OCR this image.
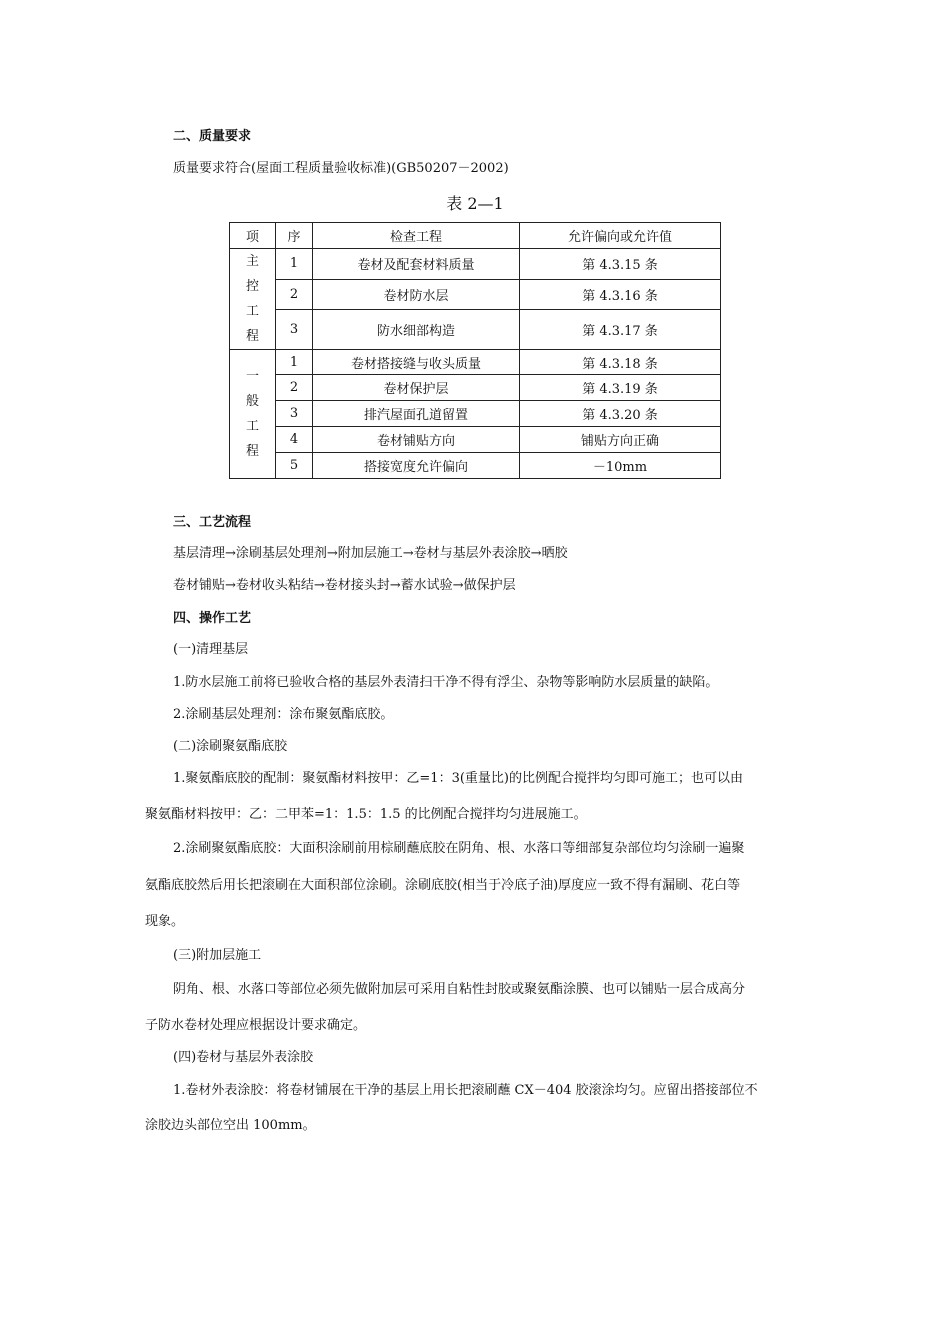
二、质量要求
质量要求符合(屋面工程质量验收标准)(GB50207－2002)
表 2—1
项	序	检查工程	允许偏向或允许值

主
控
工
程	1	卷材及配套材料质量	第 4.3.15 条
	2	卷材防水层	第 4.3.16 条
	3	防水细部构造	第 4.3.17 条

一
般
工
程	1	卷材搭接缝与收头质量	第 4.3.18 条
	2	卷材保护层	第 4.3.19 条
	3	排汽屋面孔道留置	第 4.3.20 条
	4	卷材铺贴方向	铺贴方向正确
	5	搭接宽度允许偏向	－10mm
三、工艺流程
基层清理→涂刷基层处理剂→附加层施工→卷材与基层外表涂胶→晒胶
卷材铺贴→卷材收头粘结→卷材接头封→蓄水试验→做保护层
四、操作工艺
(一)清理基层
1.防水层施工前将已验收合格的基层外表清扫干净不得有浮尘、杂物等影响防水层质量的缺陷。
2.涂刷基层处理剂：涂布聚氨酯底胶。
(二)涂刷聚氨酯底胶
1.聚氨酯底胶的配制：聚氨酯材料按甲：乙=1：3(重量比)的比例配合搅拌均匀即可施工；也可以由
聚氨酯材料按甲：乙：二甲苯=1：1.5：1.5 的比例配合搅拌均匀进展施工。
2.涂刷聚氨酯底胶：大面积涂刷前用棕刷蘸底胶在阴角、根、水落口等细部复杂部位均匀涂刷一遍聚
氨酯底胶然后用长把滚刷在大面积部位涂刷。涂刷底胶(相当于冷底子油)厚度应一致不得有漏刷、花白等
现象。
(三)附加层施工
阴角、根、水落口等部位必须先做附加层可采用自粘性封胶或聚氨酯涂膜、也可以铺贴一层合成高分
子防水卷材处理应根据设计要求确定。
(四)卷材与基层外表涂胶
1.卷材外表涂胶：将卷材铺展在干净的基层上用长把滚刷蘸 CX－404 胶滚涂均匀。应留出搭接部位不
涂胶边头部位空出 100mm。
